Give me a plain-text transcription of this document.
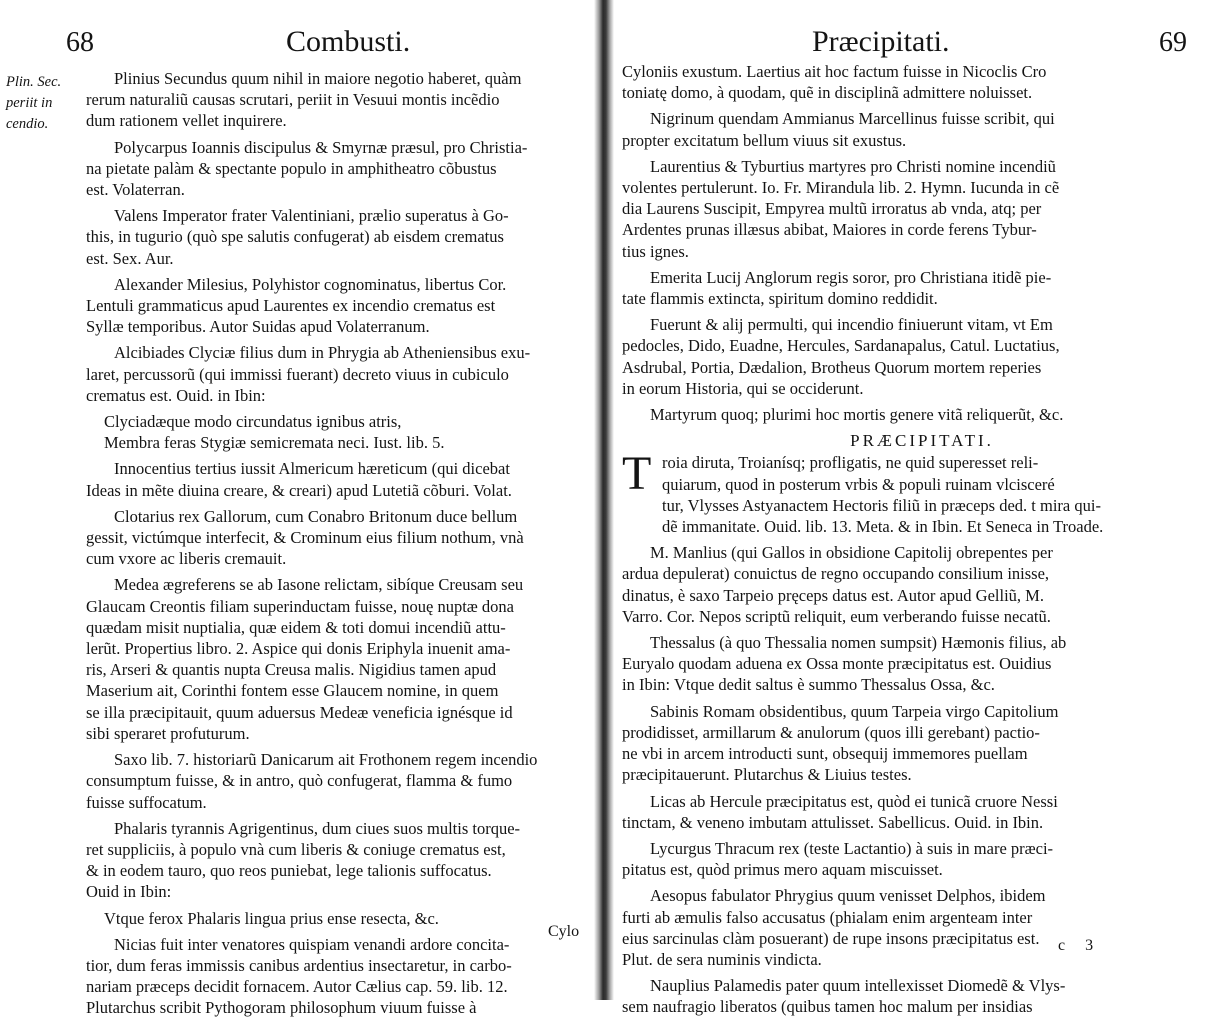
68	Combusti.
Plin. Sec.
periit in
cendio.
Plinius Secundus quum nihil in maiore negotio haberet, quàm
rerum naturaliũ causas scrutari, periit in Vesuui montis incẽdio
dum rationem vellet inquirere.
Polycarpus Ioannis discipulus & Smyrnæ præsul, pro Christia-
na pietate palàm & spectante populo in amphitheatro cõbustus
est. Volaterran.
Valens Imperator frater Valentiniani, prælio superatus à Go-
this, in tugurio (quò spe salutis confugerat) ab eisdem crematus
est. Sex. Aur.
Alexander Milesius, Polyhistor cognominatus, libertus Cor.
Lentuli grammaticus apud Laurentes ex incendio crematus est
Syllæ temporibus. Autor Suidas apud Volaterranum.
Alcibiades Clyciæ filius dum in Phrygia ab Atheniensibus exu-
laret, percussorũ (qui immissi fuerant) decreto viuus in cubiculo
crematus est. Ouid. in Ibin:
Clyciadæque modo circundatus ignibus atris,
Membra feras Stygiæ semicremata neci. Iust. lib. 5.
Innocentius tertius iussit Almericum hæreticum (qui dicebat
Ideas in mẽte diuina creare, & creari) apud Lutetiã cõburi. Volat.
Clotarius rex Gallorum, cum Conabro Britonum duce bellum
gessit, victúmque interfecit, & Crominum eius filium nothum, vnà
cum vxore ac liberis cremauit.
Medea ægreferens se ab Iasone relictam, sibíque Creusam seu
Glaucam Creontis filiam superinductam fuisse, nouę nuptæ dona
quædam misit nuptialia, quæ eidem & toti domui incendiũ attu-
lerũt. Propertius libro. 2. Aspice qui donis Eriphyla inuenit ama-
ris, Arseri & quantis nupta Creusa malis. Nigidius tamen apud
Maserium ait, Corinthi fontem esse Glaucem nomine, in quem
se illa præcipitauit, quum aduersus Medeæ veneficia ignésque id
sibi speraret profuturum.
Saxo lib. 7. historiarũ Danicarum ait Frothonem regem incendio
consumptum fuisse, & in antro, quò confugerat, flamma & fumo
fuisse suffocatum.
Phalaris tyrannis Agrigentinus, dum ciues suos multis torque-
ret suppliciis, à populo vnà cum liberis & coniuge crematus est,
& in eodem tauro, quo reos puniebat, lege talionis suffocatus.
Ouid in Ibin:
Vtque ferox Phalaris lingua prius ense resecta, &c.
Nicias fuit inter venatores quispiam venandi ardore concita-
tior, dum feras immissis canibus ardentius insectaretur, in carbo-
nariam præceps decidit fornacem. Autor Cælius cap. 59. lib. 12.
Plutarchus scribit Pythogoram philosophum viuum fuisse à
Cylo
Præcipitati.	69
Cyloniis exustum. Laertius ait hoc factum fuisse in Nicoclis Cro
toniatę domo, à quodam, quẽ in disciplinã admittere noluisset.
Nigrinum quendam Ammianus Marcellinus fuisse scribit, qui
propter excitatum bellum viuus sit exustus.
Laurentius & Tyburtius martyres pro Christi nomine incendiũ
volentes pertulerunt. Io. Fr. Mirandula lib. 2. Hymn. Iucunda in cẽ
dia Laurens Suscipit, Empyrea multũ irroratus ab vnda, atq; per
Ardentes prunas illæsus abibat, Maiores in corde ferens Tybur-
tius ignes.
Emerita Lucij Anglorum regis soror, pro Christiana itidẽ pie-
tate flammis extincta, spiritum domino reddidit.
Fuerunt & alij permulti, qui incendio finiuerunt vitam, vt Em
pedocles, Dido, Euadne, Hercules, Sardanapalus, Catul. Luctatius,
Asdrubal, Portia, Dædalion, Brotheus Quorum mortem reperies
in eorum Historia, qui se occiderunt.
Martyrum quoq; plurimi hoc mortis genere vitã reliquerũt, &c.
PRÆCIPITATI.
T roia diruta, Troianísq; profligatis, ne quid superesset reli-
quiarum, quod in posterum vrbis & populi ruinam vlcisceré
tur, Vlysses Astyanactem Hectoris filiũ in præceps ded. t mira qui-
dẽ immanitate. Ouid. lib. 13. Meta. & in Ibin. Et Seneca in Troade.
M. Manlius (qui Gallos in obsidione Capitolij obrepentes per
ardua depulerat) conuictus de regno occupando consilium inisse,
dinatus, è saxo Tarpeio pręceps datus est. Autor apud Gelliũ, M.
Varro. Cor. Nepos scriptũ reliquit, eum verberando fuisse necatũ.
Thessalus (à quo Thessalia nomen sumpsit) Hæmonis filius, ab
Euryalo quodam aduena ex Ossa monte præcipitatus est. Ouidius
in Ibin: Vtque dedit saltus è summo Thessalus Ossa, &c.
Sabinis Romam obsidentibus, quum Tarpeia virgo Capitolium
prodidisset, armillarum & anulorum (quos illi gerebant) pactio-
ne vbi in arcem introducti sunt, obsequij immemores puellam
præcipitauerunt. Plutarchus & Liuius testes.
Licas ab Hercule præcipitatus est, quòd ei tunicã cruore Nessi
tinctam, & veneno imbutam attulisset. Sabellicus. Ouid. in Ibin.
Lycurgus Thracum rex (teste Lactantio) à suis in mare præci-
pitatus est, quòd primus mero aquam miscuisset.
Aesopus fabulator Phrygius quum venisset Delphos, ibidem
furti ab æmulis falso accusatus (phialam enim argenteam inter
eius sarcinulas clàm posuerant) de rupe insons præcipitatus est.
Plut. de sera numinis vindicta.
Nauplius Palamedis pater quum intellexisset Diomedẽ & Vlys-
sem naufragio liberatos (quibus tamen hoc malum per insidias
c 3
